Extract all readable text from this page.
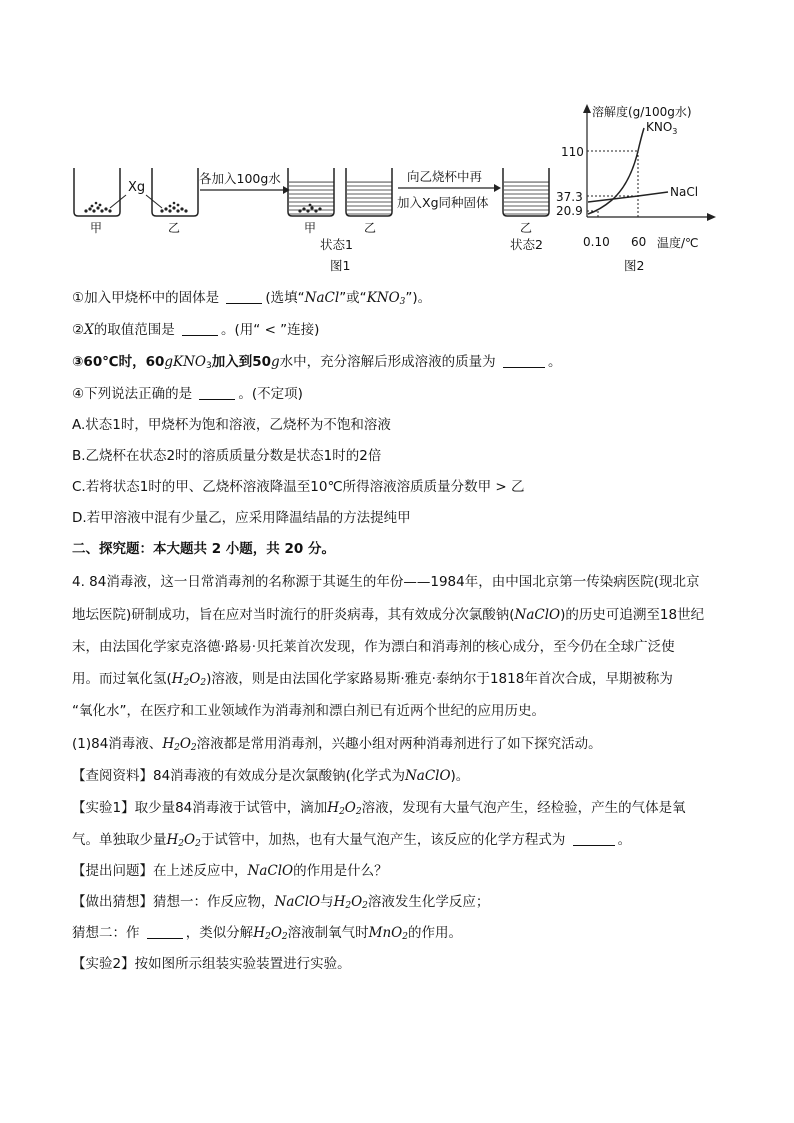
甲	乙
Xg
各加入100g水
甲	乙
状态1
向乙烧杯中再
加入Xg同种固体
乙
状态2
图1
溶解度(g/100g水)
温度/℃
110
37.3
20.9
0.10 60
$KNO_3$
NaCl
图2
①加入甲烧杯中的固体是	(选填“NaCl”或“$KNO_3$”)。
②X的取值范围是	。(用“ < ”连接)
③60℃时，60gKNO$_3$加入到50g水中，充分溶解后形成溶液的质量为	。
④下列说法正确的是	。(不定项)
A.状态1时，甲烧杯为饱和溶液，乙烧杯为不饱和溶液
B.乙烧杯在状态2时的溶质质量分数是状态1时的2倍
C.若将状态1时的甲、乙烧杯溶液降温至10℃所得溶液溶质质量分数甲 > 乙
D.若甲溶液中混有少量乙，应采用降温结晶的方法提纯甲
二、探究题：本大题共 2 小题，共 20 分。
4. 84消毒液，这一日常消毒剂的名称源于其诞生的年份——1984年，由中国北京第一传染病医院(现北京
地坛医院)研制成功，旨在应对当时流行的肝炎病毒，其有效成分次氯酸钠(NaClO)的历史可追溯至18世纪
末，由法国化学家克洛德·路易·贝托莱首次发现，作为漂白和消毒剂的核心成分，至今仍在全球广泛使
用。而过氧化氢$(H_2O_2)$溶液，则是由法国化学家路易斯·雅克·泰纳尔于1818年首次合成，早期被称为
“氧化水”，在医疗和工业领域作为消毒剂和漂白剂已有近两个世纪的应用历史。
(1)84消毒液、$H_2O_2$溶液都是常用消毒剂，兴趣小组对两种消毒剂进行了如下探究活动。
【查阅资料】84消毒液的有效成分是次氯酸钠(化学式为NaClO)。
【实验1】取少量84消毒液于试管中，滴加$H_2O_2$溶液，发现有大量气泡产生，经检验，产生的气体是氧
气。单独取少量$H_2O_2$于试管中，加热，也有大量气泡产生，该反应的化学方程式为	。
【提出问题】在上述反应中，NaClO的作用是什么？
【做出猜想】猜想一：作反应物，NaClO与$H_2O_2$溶液发生化学反应；
猜想二：作	，类似分解$H_2O_2$溶液制氧气时MnO$_2$的作用。
【实验2】按如图所示组装实验装置进行实验。
